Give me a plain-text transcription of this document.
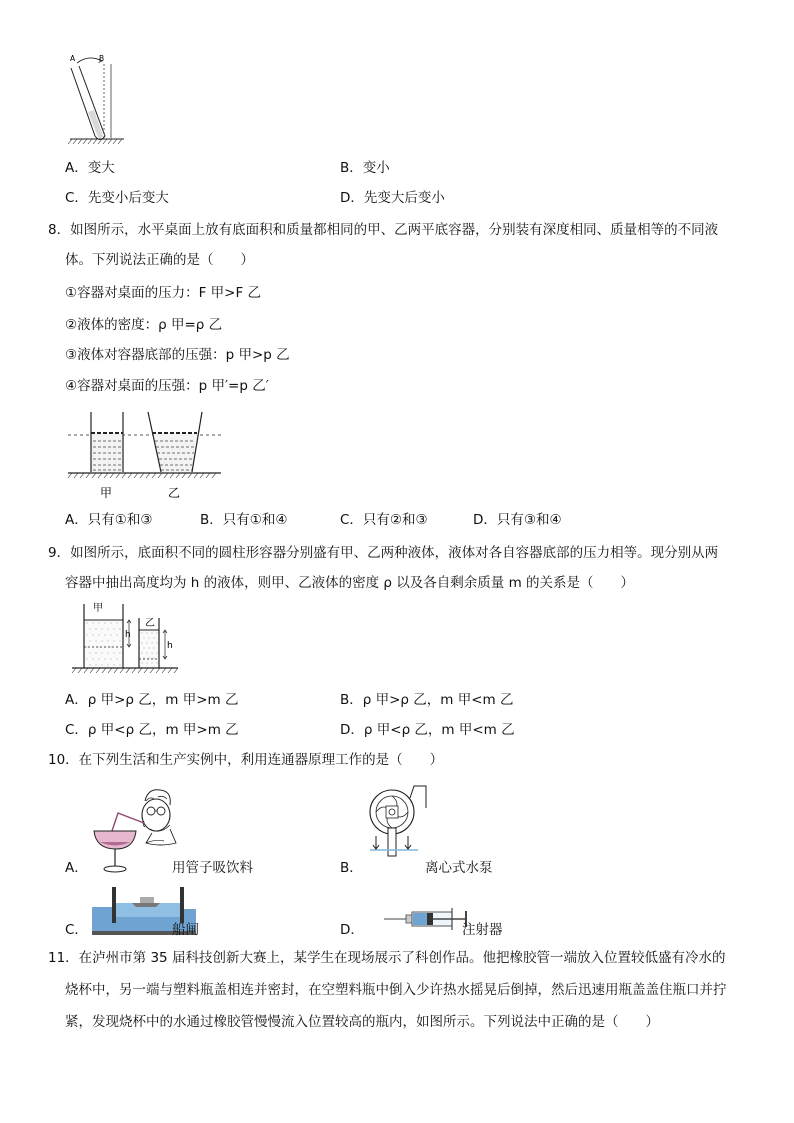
A	B
A．变大	B．变小
C．先变小后变大	D．先变大后变小
8．如图所示，水平桌面上放有底面积和质量都相同的甲、乙两平底容器，分别装有深度相同、质量相等的不同液
体。下列说法正确的是（　　）
①容器对桌面的压力：F 甲>F 乙
②液体的密度：ρ 甲=ρ 乙
③液体对容器底部的压强：p 甲>p 乙
④容器对桌面的压强：p 甲′=p 乙′
甲	乙
A．只有①和③	B．只有①和④	C．只有②和③	D．只有③和④
9．如图所示，底面积不同的圆柱形容器分别盛有甲、乙两种液体，液体对各自容器底部的压力相等。现分别从两
容器中抽出高度均为 h 的液体，则甲、乙液体的密度 ρ 以及各自剩余质量 m 的关系是（　　）
甲
h
乙
h
A．ρ 甲>ρ 乙，m 甲>m 乙	B．ρ 甲>ρ 乙，m 甲<m 乙
C．ρ 甲<ρ 乙，m 甲>m 乙	D．ρ 甲<ρ 乙，m 甲<m 乙
10．在下列生活和生产实例中，利用连通器原理工作的是（　　）
A．	用管子吸饮料	B．	离心式水泵
C．	船闸	D．	注射器
11．在泸州市第 35 届科技创新大赛上，某学生在现场展示了科创作品。他把橡胶管一端放入位置较低盛有冷水的
烧杯中，另一端与塑料瓶盖相连并密封，在空塑料瓶中倒入少许热水摇晃后倒掉，然后迅速用瓶盖盖住瓶口并拧
紧，发现烧杯中的水通过橡胶管慢慢流入位置较高的瓶内，如图所示。下列说法中正确的是（　　）
